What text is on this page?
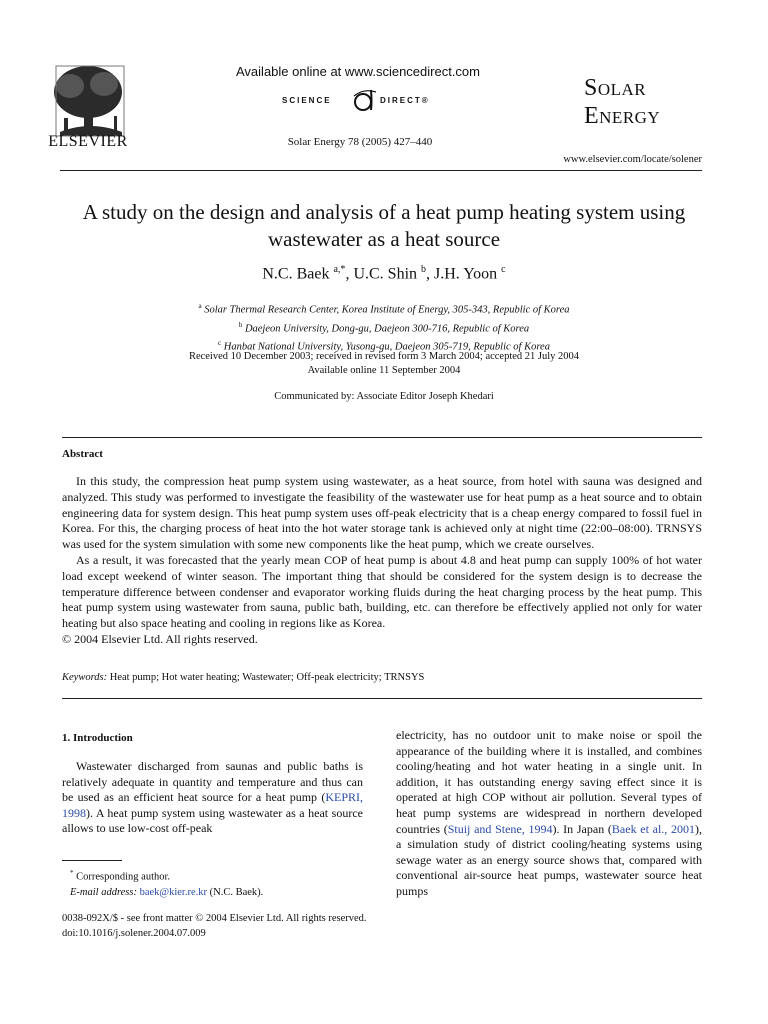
ELSEVIER
Available online at www.sciencedirect.com
SCIENCE	DIRECT®
Solar Energy 78 (2005) 427–440
Solar
Energy
www.elsevier.com/locate/solener
A study on the design and analysis of a heat pump heating system using wastewater as a heat source
N.C. Baek $^{a,*}$, U.C. Shin $^b$, J.H. Yoon $^c$
$^a$ Solar Thermal Research Center, Korea Institute of Energy, 305-343, Republic of Korea
$^b$ Daejeon University, Dong-gu, Daejeon 300-716, Republic of Korea
$^c$ Hanbat National University, Yusong-gu, Daejeon 305-719, Republic of Korea
Received 10 December 2003; received in revised form 3 March 2004; accepted 21 July 2004
Available online 11 September 2004
Communicated by: Associate Editor Joseph Khedari
Abstract

In this study, the compression heat pump system using wastewater, as a heat source, from hotel with sauna was designed and analyzed. This study was performed to investigate the feasibility of the wastewater use for heat pump as a heat source and to obtain engineering data for system design. This heat pump system uses off-peak electricity that is a cheap energy compared to fossil fuel in Korea. For this, the charging process of heat into the hot water storage tank is achieved only at night time (22:00–08:00). TRNSYS was used for the system simulation with some new components like the heat pump, which we create ourselves.

As a result, it was forecasted that the yearly mean COP of heat pump is about 4.8 and heat pump can supply 100% of hot water load except weekend of winter season. The important thing that should be considered for the system design is to decrease the temperature difference between condenser and evaporator working fluids during the heat charging process by the heat pump. This heat pump system using wastewater from sauna, public bath, building, etc. can therefore be effectively applied not only for water heating but also space heating and cooling in regions like as Korea.

© 2004 Elsevier Ltd. All rights reserved.

Keywords: Heat pump; Hot water heating; Wastewater; Off-peak electricity; TRNSYS
1. Introduction

Wastewater discharged from saunas and public baths is relatively adequate in quantity and temperature and thus can be used as an efficient heat source for a heat pump (KEPRI, 1998). A heat pump system using wastewater as a heat source allows to use low-cost off-peak

electricity, has no outdoor unit to make noise or spoil the appearance of the building where it is installed, and combines cooling/heating and hot water heating in a single unit. In addition, it has outstanding energy saving effect since it is operated at high COP without air pollution. Several types of heat pump systems are widespread in northern developed countries (Stuij and Stene, 1994). In Japan (Baek et al., 2001), a simulation study of district cooling/heating systems using sewage water as an energy source shows that, compared with conventional air-source heat pumps, wastewater source heat pumps

* Corresponding author.
E-mail address: baek@kier.re.kr (N.C. Baek).
0038-092X/$ - see front matter © 2004 Elsevier Ltd. All rights reserved.
doi:10.1016/j.solener.2004.07.009
